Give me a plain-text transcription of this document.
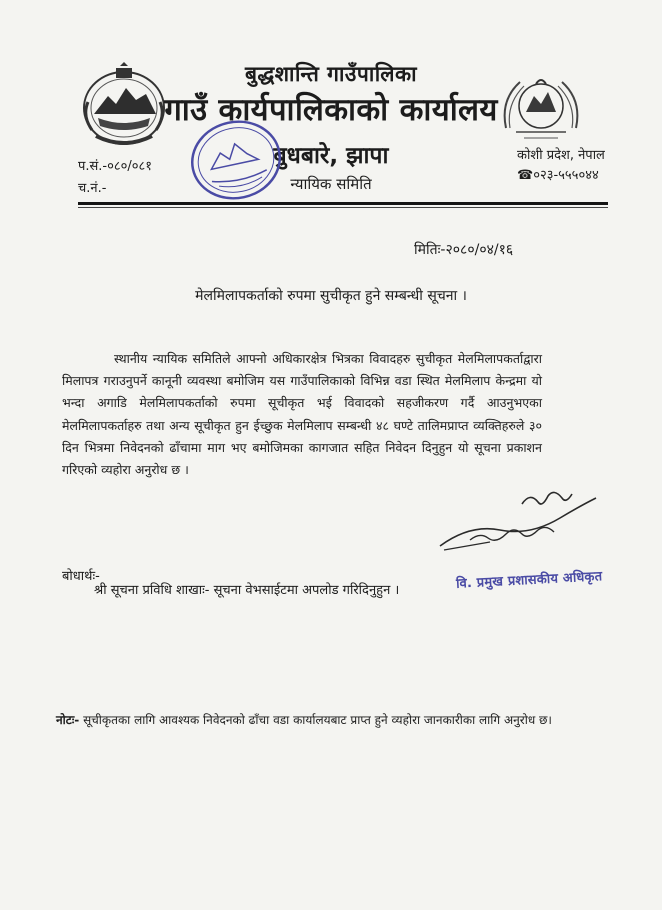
बुद्धशान्ति गाउँपालिका
गाउँ कार्यपालिकाको कार्यालय
बुधबारे, झापा
न्यायिक समिति
प.सं.-०८०/०८१
च.नं.-
कोशी प्रदेश, नेपाल
☎०२३-५५५०४४
मितिः-२०८०/०४/१६
मेलमिलापकर्ताको रुपमा सुचीकृत हुने सम्बन्धी सूचना ।
स्थानीय न्यायिक समितिले आफ्नो अधिकारक्षेत्र भित्रका विवादहरु सुचीकृत मेलमिलापकर्ताद्वारा मिलापत्र गराउनुपर्ने कानूनी व्यवस्था बमोजिम यस गाउँपालिकाको विभिन्न वडा स्थित मेलमिलाप केन्द्रमा यो भन्दा अगाडि मेलमिलापकर्ताको रुपमा सूचीकृत भई विवादको सहजीकरण गर्दै आउनुभएका मेलमिलापकर्ताहरु तथा अन्य सूचीकृत हुन ईच्छुक मेलमिलाप सम्बन्धी ४८ घण्टे तालिमप्राप्त व्यक्तिहरुले ३० दिन भित्रमा निवेदनको ढाँचामा माग भए बमोजिमका कागजात सहित निवेदन दिनुहुन यो सूचना प्रकाशन गरिएको व्यहोरा अनुरोध छ ।
वि. प्रमुख प्रशासकीय अधिकृत
बोधार्थः-
श्री सूचना प्रविधि शाखाः- सूचना वेभसाईटमा अपलोड गरिदिनुहुन ।
नोटः- सूचीकृतका लागि आवश्यक निवेदनको ढाँचा वडा कार्यालयबाट प्राप्त हुने व्यहोरा जानकारीका लागि अनुरोध छ।
